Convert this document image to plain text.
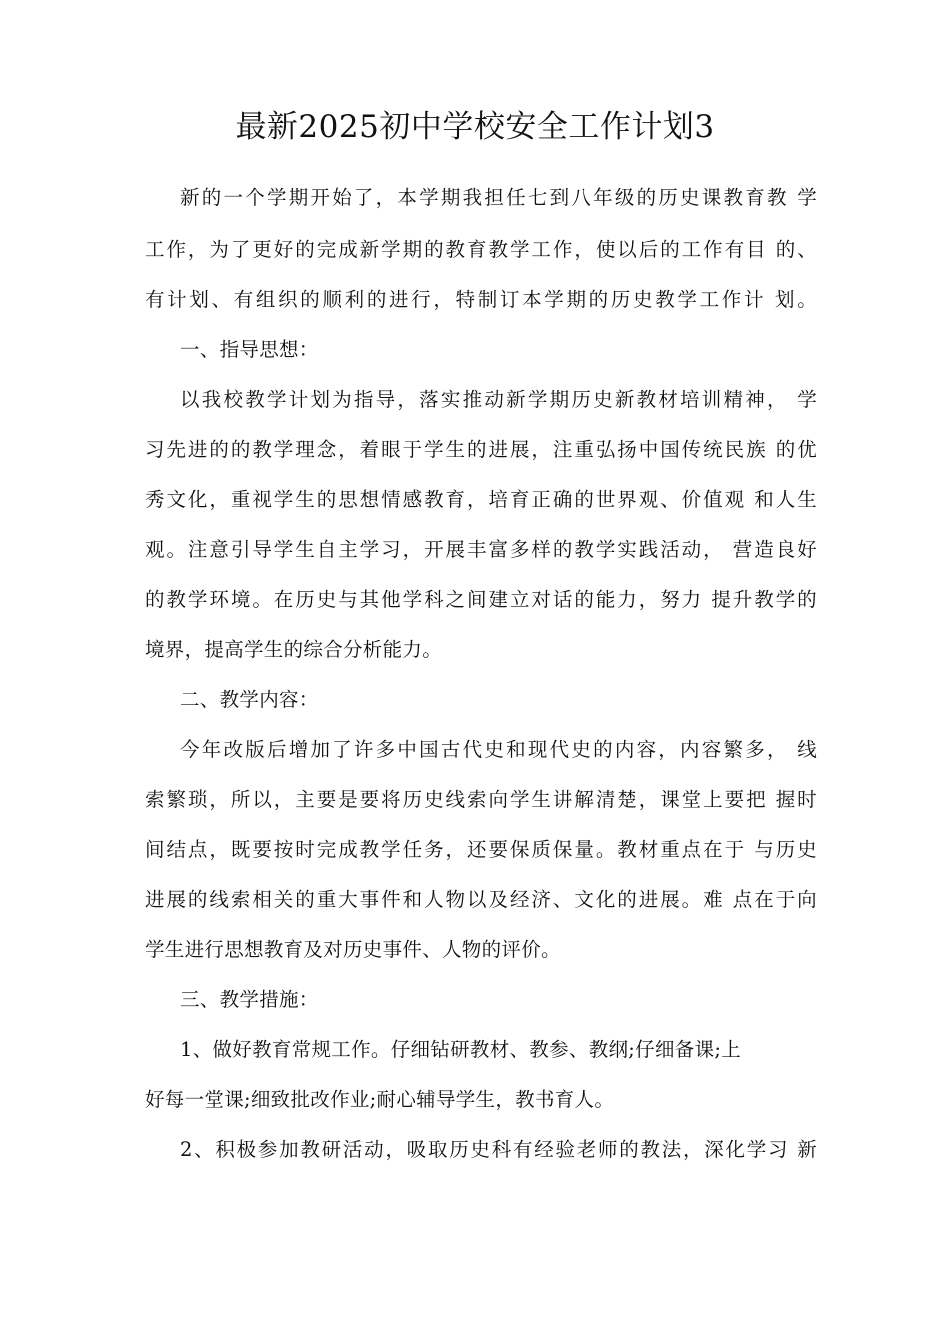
最新2025初中学校安全工作计划3
新的一个学期开始了，本学期我担任七到八年级的历史课教育教 学
工作，为了更好的完成新学期的教育教学工作，使以后的工作有目 的、
有计划、有组织的顺利的进行，特制订本学期的历史教学工作计 划。
一、指导思想：
以我校教学计划为指导，落实推动新学期历史新教材培训精神， 学
习先进的的教学理念，着眼于学生的进展，注重弘扬中国传统民族 的优
秀文化，重视学生的思想情感教育，培育正确的世界观、价值观 和人生
观。注意引导学生自主学习，开展丰富多样的教学实践活动， 营造良好
的教学环境。在历史与其他学科之间建立对话的能力，努力 提升教学的
境界，提高学生的综合分析能力。
二、教学内容：
今年改版后增加了许多中国古代史和现代史的内容，内容繁多， 线
索繁琐，所以，主要是要将历史线索向学生讲解清楚，课堂上要把 握时
间结点，既要按时完成教学任务，还要保质保量。教材重点在于 与历史
进展的线索相关的重大事件和人物以及经济、文化的进展。难 点在于向
学生进行思想教育及对历史事件、人物的评价。
三、教学措施：
1、做好教育常规工作。仔细钻研教材、教参、教纲;仔细备课;上
好每一堂课;细致批改作业;耐心辅导学生，教书育人。
2、积极参加教研活动，吸取历史科有经验老师的教法，深化学习 新
